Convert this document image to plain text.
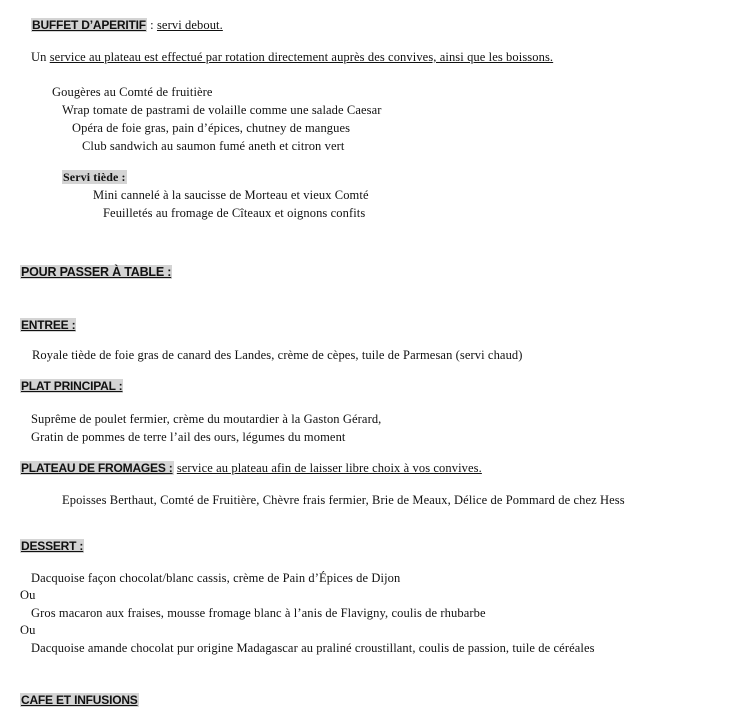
BUFFET D’APERITIF : servi debout.
Un service au plateau est effectué par rotation directement auprès des convives, ainsi que les boissons.
Gougères au Comté de fruitière
Wrap tomate de pastrami de volaille comme une salade Caesar
Opéra de foie gras, pain d’épices, chutney de mangues
Club sandwich au saumon fumé aneth et citron vert
Servi tiède :
Mini cannelé à la saucisse de Morteau et vieux Comté
Feuilletés au fromage de Cîteaux et oignons confits
POUR PASSER À TABLE :
ENTREE :
Royale tiède de foie gras de canard des Landes, crème de cèpes, tuile de Parmesan (servi chaud)
PLAT PRINCIPAL :
Suprême de poulet fermier, crème du moutardier à la Gaston Gérard,
Gratin de pommes de terre l’ail des ours, légumes du moment
PLATEAU DE FROMAGES : service au plateau afin de laisser libre choix à vos convives.
Epoisses Berthaut, Comté de Fruitière, Chèvre frais fermier, Brie de Meaux, Délice de Pommard de chez Hess
DESSERT :
Dacquoise façon chocolat/blanc cassis, crème de Pain d’Épices de Dijon
Ou
Gros macaron aux fraises, mousse fromage blanc à l’anis de Flavigny, coulis de rhubarbe
Ou
Dacquoise amande chocolat pur origine Madagascar au praliné croustillant, coulis de passion, tuile de céréales
CAFE ET INFUSIONS
